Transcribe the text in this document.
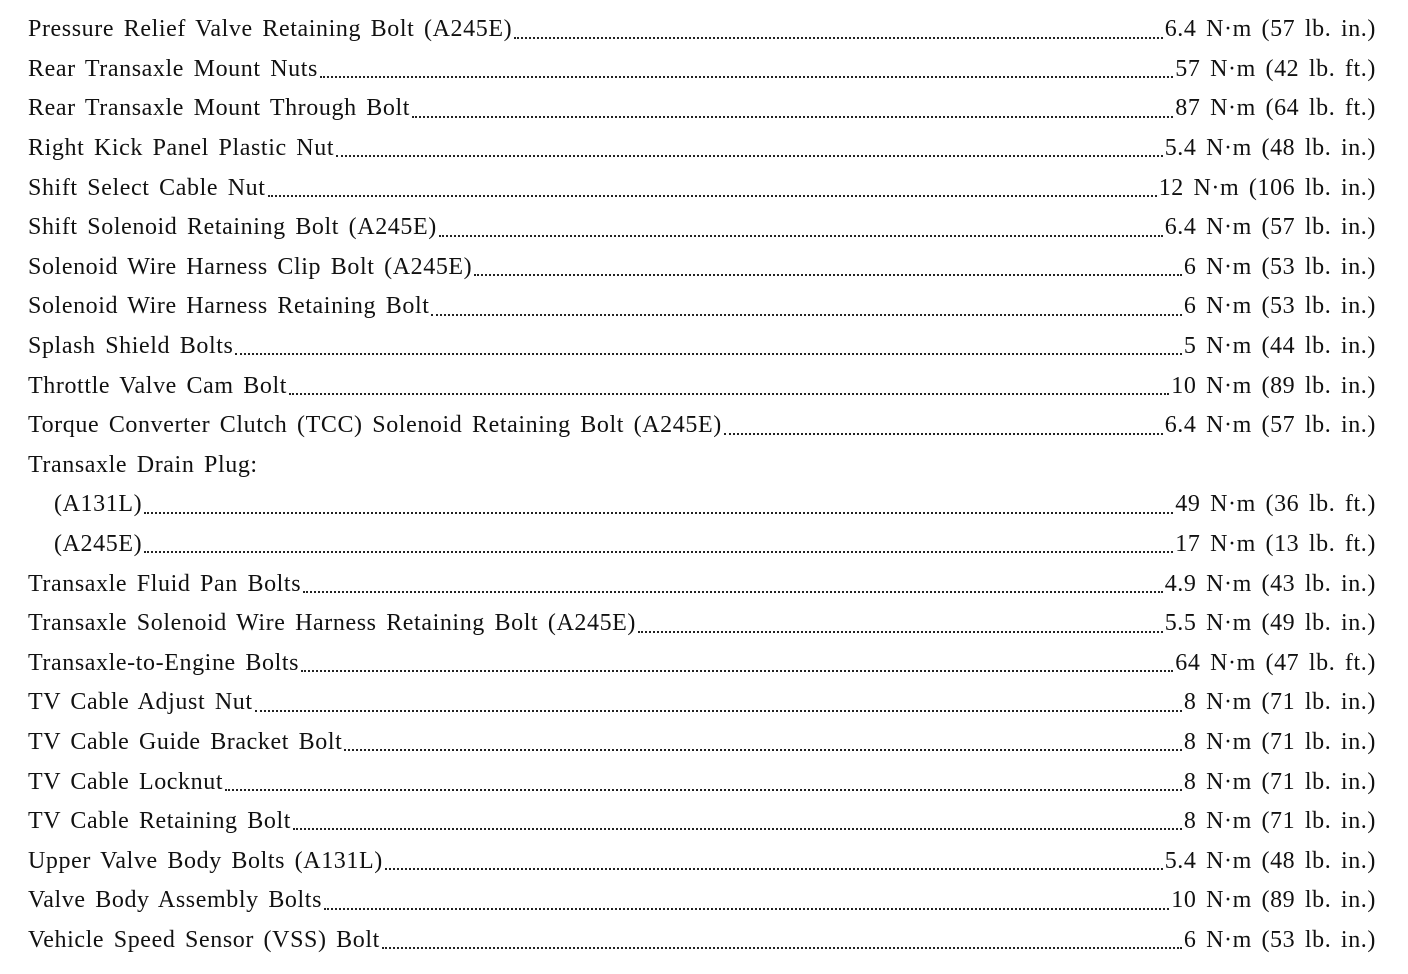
Pressure Relief Valve Retaining Bolt (A245E)	6.4 N·m (57 lb. in.)
Rear Transaxle Mount Nuts	57 N·m (42 lb. ft.)
Rear Transaxle Mount Through Bolt	87 N·m (64 lb. ft.)
Right Kick Panel Plastic Nut	5.4 N·m (48 lb. in.)
Shift Select Cable Nut	12 N·m (106 lb. in.)
Shift Solenoid Retaining Bolt (A245E)	6.4 N·m (57 lb. in.)
Solenoid Wire Harness Clip Bolt (A245E)	6 N·m (53 lb. in.)
Solenoid Wire Harness Retaining Bolt	6 N·m (53 lb. in.)
Splash Shield Bolts	5 N·m (44 lb. in.)
Throttle Valve Cam Bolt	10 N·m (89 lb. in.)
Torque Converter Clutch (TCC) Solenoid Retaining Bolt (A245E)	6.4 N·m (57 lb. in.)
Transaxle Drain Plug:
(A131L)	49 N·m (36 lb. ft.)
(A245E)	17 N·m (13 lb. ft.)
Transaxle Fluid Pan Bolts	4.9 N·m (43 lb. in.)
Transaxle Solenoid Wire Harness Retaining Bolt (A245E)	5.5 N·m (49 lb. in.)
Transaxle-to-Engine Bolts	64 N·m (47 lb. ft.)
TV Cable Adjust Nut	8 N·m (71 lb. in.)
TV Cable Guide Bracket Bolt	8 N·m (71 lb. in.)
TV Cable Locknut	8 N·m (71 lb. in.)
TV Cable Retaining Bolt	8 N·m (71 lb. in.)
Upper Valve Body Bolts (A131L)	5.4 N·m (48 lb. in.)
Valve Body Assembly Bolts	10 N·m (89 lb. in.)
Vehicle Speed Sensor (VSS) Bolt	6 N·m (53 lb. in.)
